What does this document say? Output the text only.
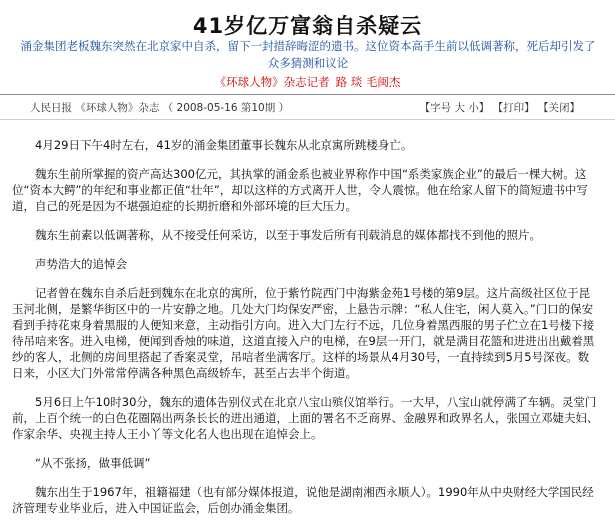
41岁亿万富翁自杀疑云
涌金集团老板魏东突然在北京家中自杀，留下一封措辞晦涩的遗书。这位资本高手生前以低调著称，死后却引发了众多猜测和议论
《环球人物》杂志记者 路 琰 毛闽杰
人民日报 《环球人物》杂志 （ 2008-05-16 第10期 ）	【字号 大 小】 【打印】 【关闭】

4月29日下午4时左右，41岁的涌金集团董事长魏东从北京寓所跳楼身亡。

魏东生前所掌握的资产高达300亿元，其执掌的涌金系也被业界称作中国“系类家族企业”的最后一棵大树。这位“资本大鳄”的年纪和事业都正值“壮年”，却以这样的方式离开人世，令人震惊。他在给家人留下的简短遗书中写道，自己的死是因为不堪强迫症的长期折磨和外部环境的巨大压力。

魏东生前素以低调著称，从不接受任何采访，以至于事发后所有刊载消息的媒体都找不到他的照片。

声势浩大的追悼会

记者曾在魏东自杀后赶到魏东在北京的寓所，位于紫竹院西门中海紫金苑1号楼的第9层。这片高级社区位于昆玉河北侧，是繁华街区中的一片安静之地。几处大门均保安严密，上悬告示牌：“私人住宅，闲人莫入。”门口的保安看到手持花束身着黑服的人便知来意，主动指引方向。进入大门左行不远，几位身着黑西服的男子伫立在1号楼下接待吊唁来客。进入电梯，便闻到香烛的味道，这道直接入户的电梯，在9层一开门，就是满目花篮和进进出出戴着黑纱的客人，北侧的房间里搭起了香案灵堂，吊唁者坐满客厅。这样的场景从4月30号，一直持续到5月5号深夜。数日来，小区大门外常常停满各种黑色高级轿车，甚至占去半个街道。

5月6日上午10时30分，魏东的遗体告别仪式在北京八宝山殡仪馆举行。一大早，八宝山就停满了车辆。灵堂门前，上百个统一的白色花圈隔出两条长长的进出通道，上面的署名不乏商界、金融界和政界名人，张国立邓婕夫妇、作家余华、央视主持人王小丫等文化名人也出现在追悼会上。

“从不张扬，做事低调”

魏东出生于1967年，祖籍福建（也有部分媒体报道，说他是湖南湘西永顺人）。1990年从中央财经大学国民经济管理专业毕业后，进入中国证监会，后创办涌金集团。
